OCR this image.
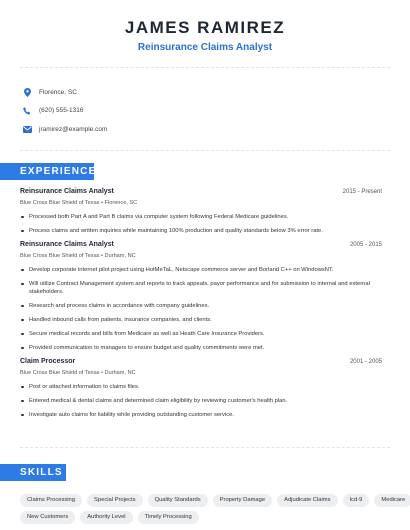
JAMES RAMIREZ
Reinsurance Claims Analyst
Florence, SC
(620) 555-1316
jramirez@example.com
EXPERIENCE
Reinsurance Claims Analyst	2015 - Present
Blue Cross Blue Shield of Texas • Florence, SC
Processed both Part A and Part B claims via computer system following Federal Medicare guidelines.
Process claims and written inquiries while maintaining 100% production and quality standards below 3% error rate.
Reinsurance Claims Analyst	2005 - 2015
Blue Cross Blue Shield of Texas • Durham, NC
Develop corporate internet pilot project using HotMeTaL, Netscape commerce server and Borland C++ on WindowsNT.
Will utilize Contract Management system and reports to track appeals, payor performance and for submission to internal and external stakeholders.
Research and process claims in accordance with company guidelines.
Handled inbound calls from patients, insurance companies, and clients.
Secure medical records and bills from Medicare as well as Heath Care Insurance Providers.
Provided communication to managers to ensure budget and quality commitments were met.
Claim Processor	2001 - 2005
Blue Cross Blue Shield of Texas • Durham, NC
Post or attached information to claims files.
Entered medical & dental claims and determined claim eligibility by reviewing customer's health plan.
Investigate auto claims for liability while providing outstanding customer service.
SKILLS
Claims Processing	Special Projects	Quality Standards	Property Damage	Adjudicate Claims	Icd-9	Medicare
New Customers	Authority Level	Timely Processing
